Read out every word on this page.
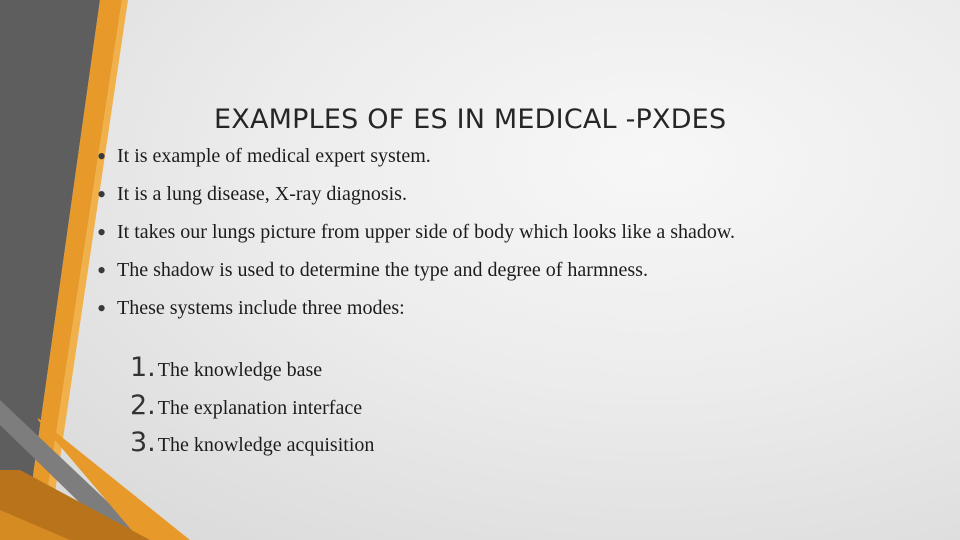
EXAMPLES OF ES IN MEDICAL -PXDES
• It is example of medical expert system.
• It is a lung disease, X-ray diagnosis.
• It takes our lungs picture from upper side of body which looks like a shadow.
• The shadow is used to determine the type and degree of harmness.
• These systems include three modes:
1. The knowledge base
2. The explanation interface
3. The knowledge acquisition
